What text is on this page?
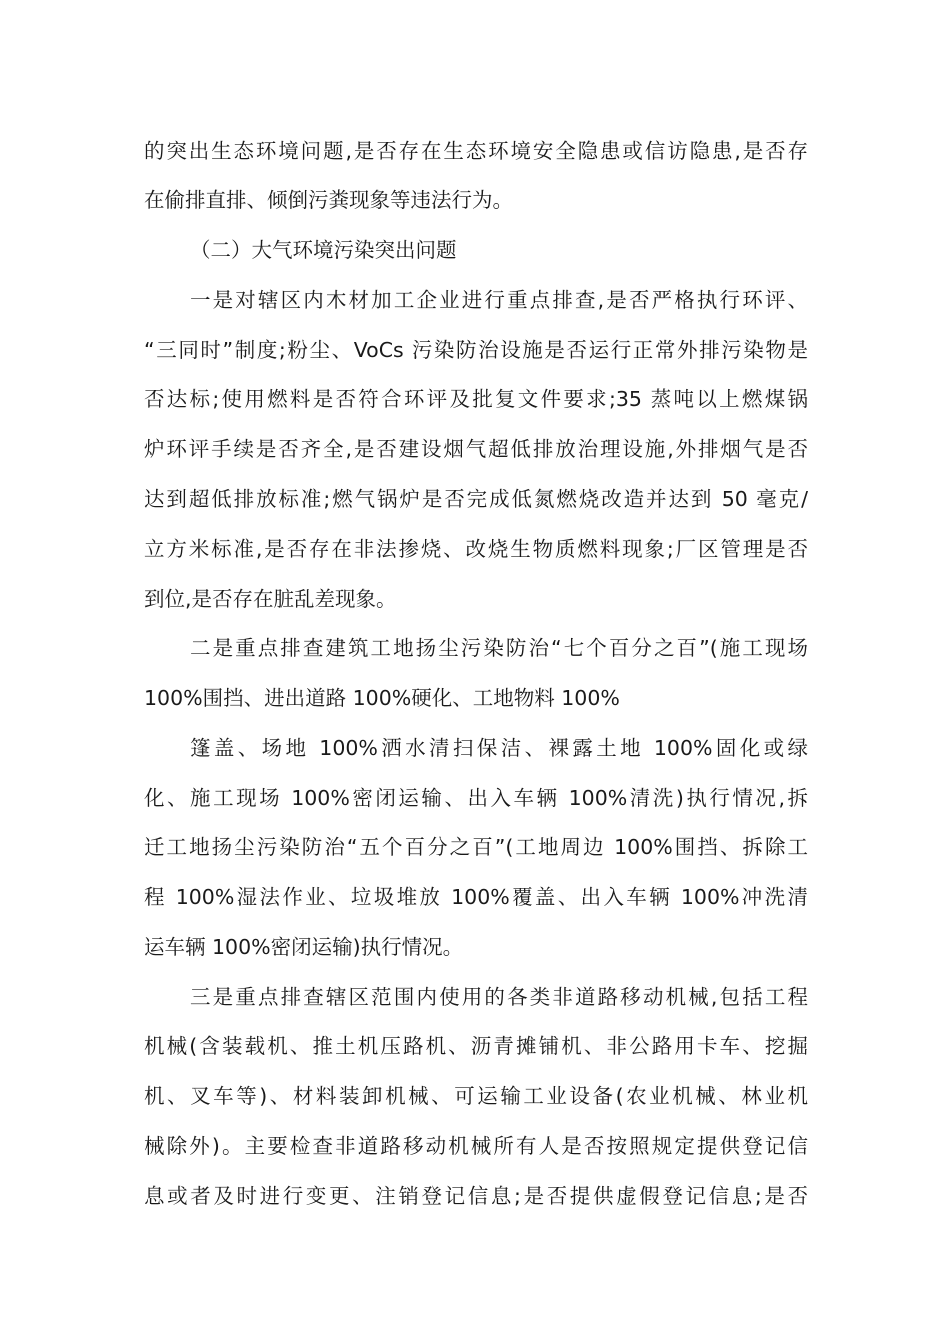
的突出生态环境问题,是否存在生态环境安全隐患或信访隐患,是否存

在偷排直排、倾倒污粪现象等违法行为。

（二）大气环境污染突出问题

一是对辖区内木材加工企业进行重点排查,是否严格执行环评、

“三同时”制度;粉尘、VoCs 污染防治设施是否运行正常外排污染物是

否达标;使用燃料是否符合环评及批复文件要求;35 蒸吨以上燃煤锅

炉环评手续是否齐全,是否建设烟气超低排放治理设施,外排烟气是否

达到超低排放标准;燃气锅炉是否完成低氮燃烧改造并达到 50 毫克/

立方米标准,是否存在非法掺烧、改烧生物质燃料现象;厂区管理是否

到位,是否存在脏乱差现象。

二是重点排查建筑工地扬尘污染防治“七个百分之百”(施工现场

100%围挡、进出道路 100%硬化、工地物料 100%

篷盖、场地 100%洒水清扫保洁、裸露土地 100%固化或绿

化、施工现场 100%密闭运输、出入车辆 100%清洗)执行情况,拆

迁工地扬尘污染防治“五个百分之百”(工地周边 100%围挡、拆除工

程 100%湿法作业、垃圾堆放 100%覆盖、出入车辆 100%冲洗清

运车辆 100%密闭运输)执行情况。

三是重点排查辖区范围内使用的各类非道路移动机械,包括工程

机械(含装载机、推土机压路机、沥青摊铺机、非公路用卡车、挖掘

机、叉车等)、材料装卸机械、可运输工业设备(农业机械、林业机

械除外)。主要检查非道路移动机械所有人是否按照规定提供登记信

息或者及时进行变更、注销登记信息;是否提供虚假登记信息;是否
